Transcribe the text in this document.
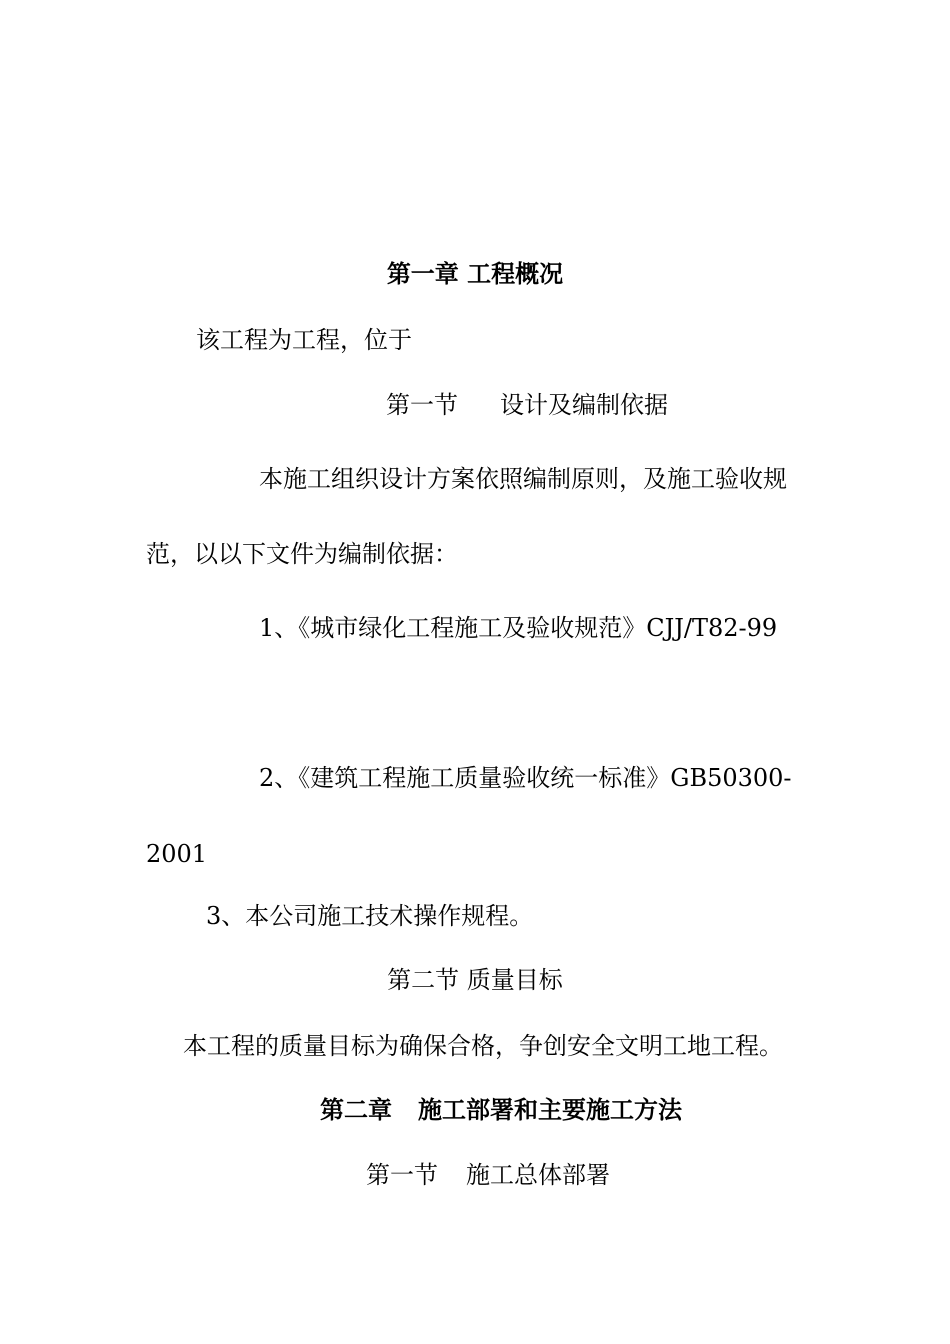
第一章 工程概况

该工程为工程，位于

第一节 设计及编制依据

本施工组织设计方案依照编制原则，及施工验收规

范，以以下文件为编制依据：

1、《城市绿化工程施工及验收规范》CJJ/T82-99

2、《建筑工程施工质量验收统一标准》GB50300-

2001

3、本公司施工技术操作规程。

第二节 质量目标

本工程的质量目标为确保合格，争创安全文明工地工程。

第二章 施工部署和主要施工方法
第一节 施工总体部署
